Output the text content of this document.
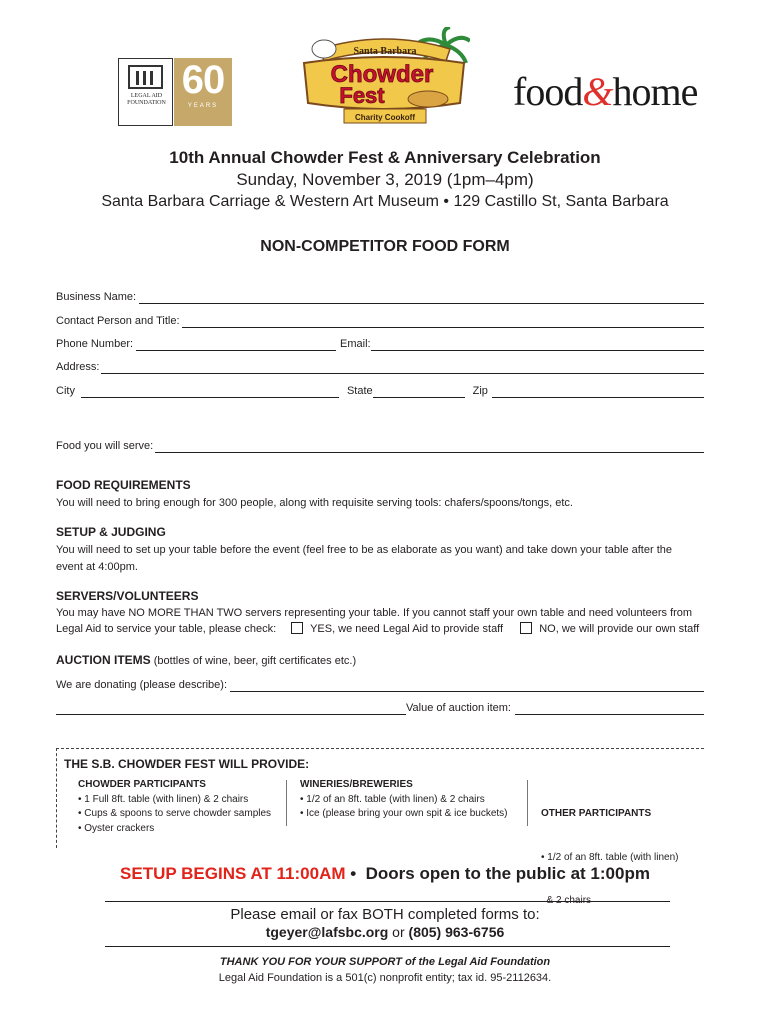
LEGAL AID FOUNDATION
60
YEARS
Santa Barbara
Chowder
Fest
Charity Cookoff
food&home
10th Annual Chowder Fest & Anniversary Celebration
Sunday, November 3, 2019 (1pm–4pm)
Santa Barbara Carriage & Western Art Museum • 129 Castillo St, Santa Barbara
NON-COMPETITOR FOOD FORM
Business Name:
Contact Person and Title:
Phone Number:	Email:
Address:
City	State	Zip
Food you will serve:
FOOD REQUIREMENTS
You will need to bring enough for 300 people, along with requisite serving tools: chafers/spoons/tongs, etc.
SETUP & JUDGING
You will need to set up your table before the event (feel free to be as elaborate as you want) and take down your table after the event at 4:00pm.
SERVERS/VOLUNTEERS
You may have NO MORE THAN TWO servers representing your table. If you cannot staff your own table and need volunteers from
Legal Aid to service your table, please check:	YES, we need Legal Aid to provide staff	NO, we will provide our own staff
AUCTION ITEMS (bottles of wine, beer, gift certificates etc.)
We are donating (please describe):
Value of auction item:
THE S.B. CHOWDER FEST WILL PROVIDE:
CHOWDER PARTICIPANTS
• 1 Full 8ft. table (with linen) & 2 chairs
• Cups & spoons to serve chowder samples
• Oyster crackers
WINERIES/BREWERIES
• 1/2 of an 8ft. table (with linen) & 2 chairs
• Ice (please bring your own spit & ice buckets)

	OTHER PARTICIPANTS

• 1/2 of an 8ft. table (with linen)

SETUP BEGINS AT 11:00AM •  Doors open to the public at 1:00pm
Please email or fax BOTH completed forms to:
tgeyer@lafsbc.org or (805) 963-6756
THANK YOU FOR YOUR SUPPORT of the Legal Aid Foundation
Legal Aid Foundation is a 501(c) nonprofit entity; tax id. 95-2112634.
